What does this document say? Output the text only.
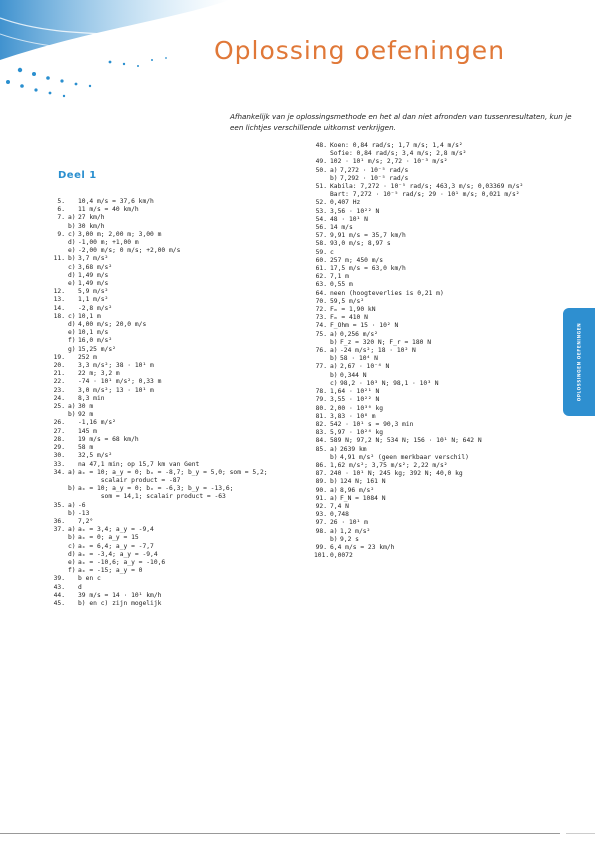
Oplossing oefeningen
Afhankelijk van je oplossingsmethode en het al dan niet afronden van tussenresultaten, kun je een lichtjes verschillende uitkomst verkrijgen.
Deel 1
5. 10,4 m/s = 37,6 km/h
6. 11 m/s = 40 km/h
7. a) 27 km/h
b) 30 km/h
9. c) 3,00 m; 2,00 m; 3,00 m
d) -1,00 m; +1,00 m
e) -2,00 m/s; 0 m/s; +2,00 m/s
11. b) 3,7 m/s²
c) 3,68 m/s²
d) 1,49 m/s
e) 1,49 m/s
12. 5,9 m/s²
13. 1,1 m/s²
14. -2,8 m/s²
18. c) 10,1 m
d) 4,00 m/s; 20,0 m/s
e) 10,1 m/s
f) 16,0 m/s²
g) 15,25 m/s²
19. 252 m
20. 3,3 m/s²; 38 · 10¹ m
21. 22 m; 3,2 m
22. -74 · 10¹ m/s²; 0,33 m
23. 3,0 m/s²; 13 · 10¹ m
24. 8,3 min
25. a) 30 m
b) 92 m
26. -1,16 m/s²
27. 145 m
28. 19 m/s = 68 km/h
29. 58 m
30. 32,5 m/s²
33. na 47,1 min; op 15,7 km van Gent
34. a) aₓ = 10; a_y = 0; bₓ = -8,7; b_y = 5,0; som = 5,2;
scalair product = -87
b) aₓ = 10; a_y = 0; bₓ = -6,3; b_y = -13,6;
som = 14,1; scalair product = -63
35. a) -6
b) -13
36. 7,2°
37. a) aₓ = 3,4; a_y = -9,4
b) aₓ = 0; a_y = 15
c) aₓ = 6,4; a_y = -7,7
d) aₓ = -3,4; a_y = -9,4
e) aₓ = -10,6; a_y = -10,6
f) aₓ = -15; a_y = 0
39. b en c
43. d
44. 39 m/s = 14 · 10¹ km/h
45. b) en c) zijn mogelijk
48. Koen: 0,84 rad/s; 1,7 m/s; 1,4 m/s²
Sofie: 0,84 rad/s; 3,4 m/s; 2,8 m/s²
49. 102 · 10¹ m/s; 2,72 · 10⁻³ m/s²
50. a) 7,272 · 10⁻⁵ rad/s
b) 7,292 · 10⁻⁵ rad/s
51. Kabila: 7,272 · 10⁻⁵ rad/s; 463,3 m/s; 0,03369 m/s²
Bart: 7,272 · 10⁻⁵ rad/s; 29 · 10¹ m/s; 0,021 m/s²
52. 0,407 Hz
53. 3,56 · 10²² N
54. 48 · 10¹ N
56. 14 m/s
57. 9,91 m/s = 35,7 km/h
58. 93,0 m/s; 8,97 s
59. c
60. 257 m; 450 m/s
61. 17,5 m/s = 63,0 km/h
62. 7,1 m
63. 0,55 m
64. neen (hoogteverlies is 0,21 m)
70. 59,5 m/s²
72. Fₘ = 1,90 kN
73. Fₘ = 410 N
74. F_Ohm = 15 · 10² N
75. a) 0,256 m/s²
b) F_z = 320 N; F_r = 180 N
76. a) -24 m/s²; 18 · 10² N
b) 58 · 10⁴ N
77. a) 2,67 · 10⁻⁴ N
b) 0,344 N
c) 98,2 · 10³ N; 98,1 · 10³ N
78. 1,64 · 10²¹ N
79. 3,55 · 10²² N
80. 2,00 · 10³⁰ kg
81. 3,83 · 10⁸ m
82. 542 · 10¹ s = 90,3 min
83. 5,97 · 10²⁴ kg
84. 589 N; 97,2 N; 534 N; 156 · 10¹ N; 642 N
85. a) 2639 km
b) 4,91 m/s² (geen merkbaar verschil)
86. 1,62 m/s²; 3,75 m/s²; 2,22 m/s²
87. 240 · 10¹ N; 245 kg; 392 N; 40,0 kg
89. b) 124 N; 161 N
90. a) 8,96 m/s²
91. a) F_N = 1084 N
92. 7,4 N
93. 0,748
97. 26 · 10¹ m
98. a) 1,2 m/s²
b) 9,2 s
99. 6,4 m/s = 23 km/h
101. 0,0072
OPLOSSINGEN OEFENINGEN
